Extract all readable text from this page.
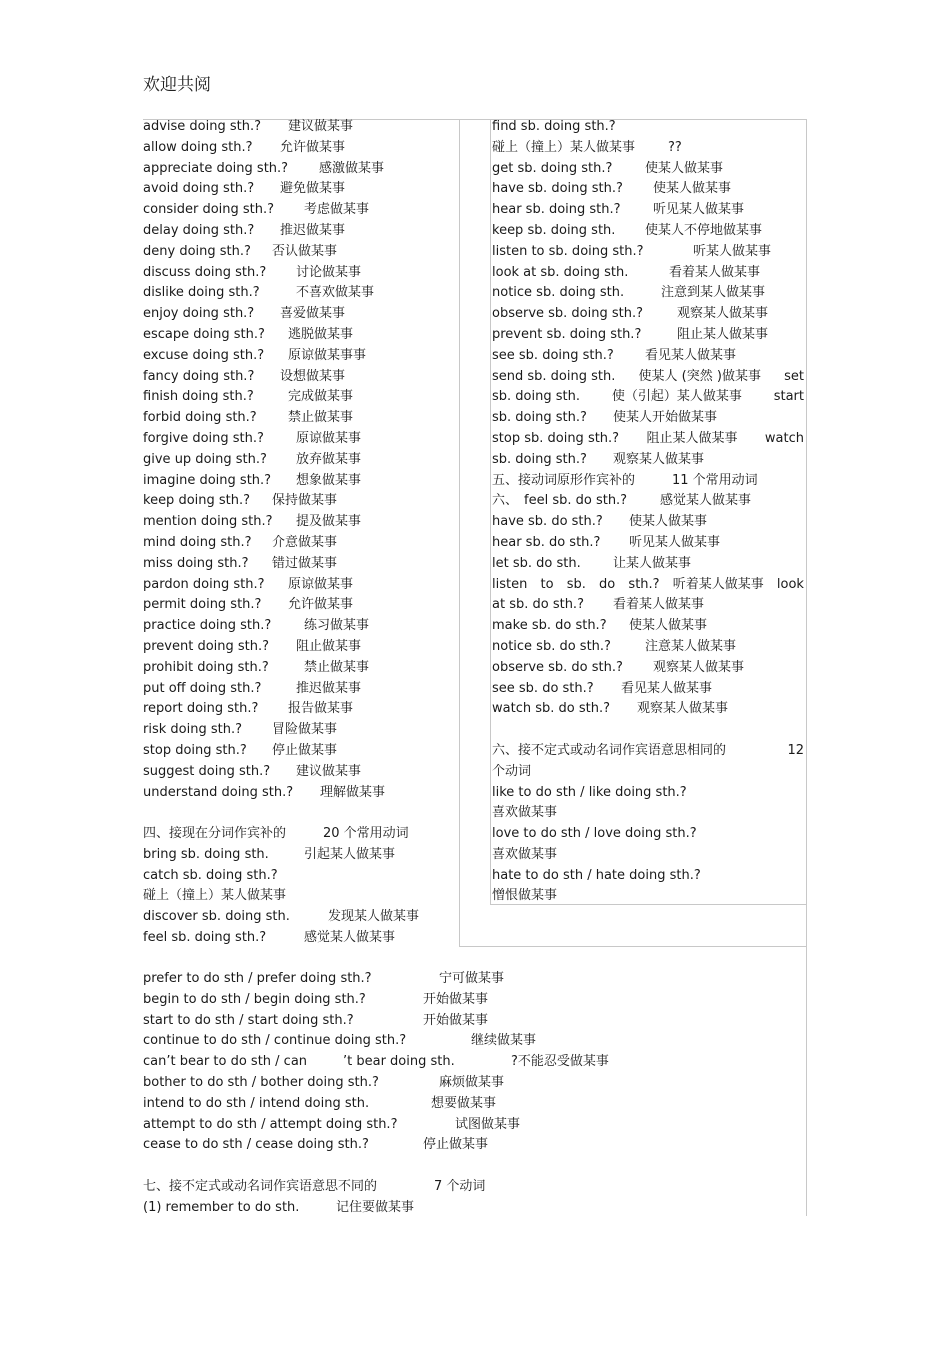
欢迎共阅
advise doing sth.? 建议做某事
allow doing sth.? 允许做某事
appreciate doing sth.? 感激做某事
avoid doing sth.? 避免做某事
consider doing sth.? 考虑做某事
delay doing sth.? 推迟做某事
deny doing sth.? 否认做某事
discuss doing sth.? 讨论做某事
dislike doing sth.?	不喜欢做某事
enjoy doing sth.? 喜爱做某事
escape doing sth.? 逃脱做某事
excuse doing sth.? 原谅做某事事
fancy doing sth.? 设想做某事
finish doing sth.?	完成做某事
forbid doing sth.? 禁止做某事
forgive doing sth.? 原谅做某事
give up doing sth.? 放弃做某事
imagine doing sth.? 想象做某事
keep doing sth.? 保持做某事
mention doing sth.? 提及做某事
mind doing sth.? 介意做某事
miss doing sth.? 错过做某事
pardon doing sth.? 原谅做某事
permit doing sth.? 允许做某事
practice doing sth.?	练习做某事
prevent doing sth.? 阻止做某事
prohibit doing sth.?	禁止做某事
put off doing sth.?	推迟做某事
report doing sth.? 报告做某事
risk doing sth.? 冒险做某事
stop doing sth.? 停止做某事
suggest doing sth.? 建议做某事
understand doing sth.? 理解做某事
四、接现在分词作宾补的	20 个常用动词
bring sb. doing sth.	引起某人做某事
catch sb. doing sth.?
碰上（撞上）某人做某事
discover sb. doing sth.	发现某人做某事
feel sb. doing sth.?	感觉某人做某事
find sb. doing sth.?
碰上（撞上）某人做某事	??
get sb. doing sth.?	使某人做某事
have sb. doing sth.? 使某人做某事
hear sb. doing sth.? 听见某人做某事
keep sb. doing sth. 使某人不停地做某事
listen to sb. doing sth.?	听某人做某事
look at sb. doing sth.	看着某人做某事
notice sb. doing sth.	注意到某人做某事
observe sb. doing sth.?	观察某人做某事
prevent sb. doing sth.?	阻止某人做某事
see sb. doing sth.? 看见某人做某事
send sb. doing sth. 使某人 (突然 )做某事 set
sb. doing sth. 使（引起）某人做某事 start
sb. doing sth.? 使某人开始做某事
stop sb. doing sth.? 阻止某人做某事 watch
sb. doing sth.? 观察某人做某事
五、接动词原形作宾补的	11 个常用动词
六、 feel sb. do sth.?	感觉某人做某事
have sb. do sth.? 使某人做某事
hear sb. do sth.? 听见某人做某事
let sb. do sth. 让某人做某事
listen to sb. do sth.? 听着某人做某事 look
at sb. do sth.? 看着某人做某事
make sb. do sth.? 使某人做某事
notice sb. do sth.?	注意某人做某事
observe sb. do sth.? 观察某人做某事
see sb. do sth.? 看见某人做某事
watch sb. do sth.? 观察某人做某事
六、接不定式或动名词作宾语意思相同的	12
个动词
like to do sth / like doing sth.?
喜欢做某事
love to do sth / love doing sth.?
喜欢做某事
hate to do sth / hate doing sth.?
憎恨做某事
prefer to do sth / prefer doing sth.?	宁可做某事
begin to do sth / begin doing sth.?	开始做某事
start to do sth / start doing sth.?	开始做某事
continue to do sth / continue doing sth.?	继续做某事
can’t bear to do sth / can	’t bear doing sth.	?不能忍受做某事
bother to do sth / bother doing sth.?	麻烦做某事
intend to do sth / intend doing sth.	想要做某事
attempt to do sth / attempt doing sth.?	试图做某事
cease to do sth / cease doing sth.?	停止做某事
七、接不定式或动名词作宾语意思不同的	7 个动词
(1) remember to do sth.	记住要做某事
